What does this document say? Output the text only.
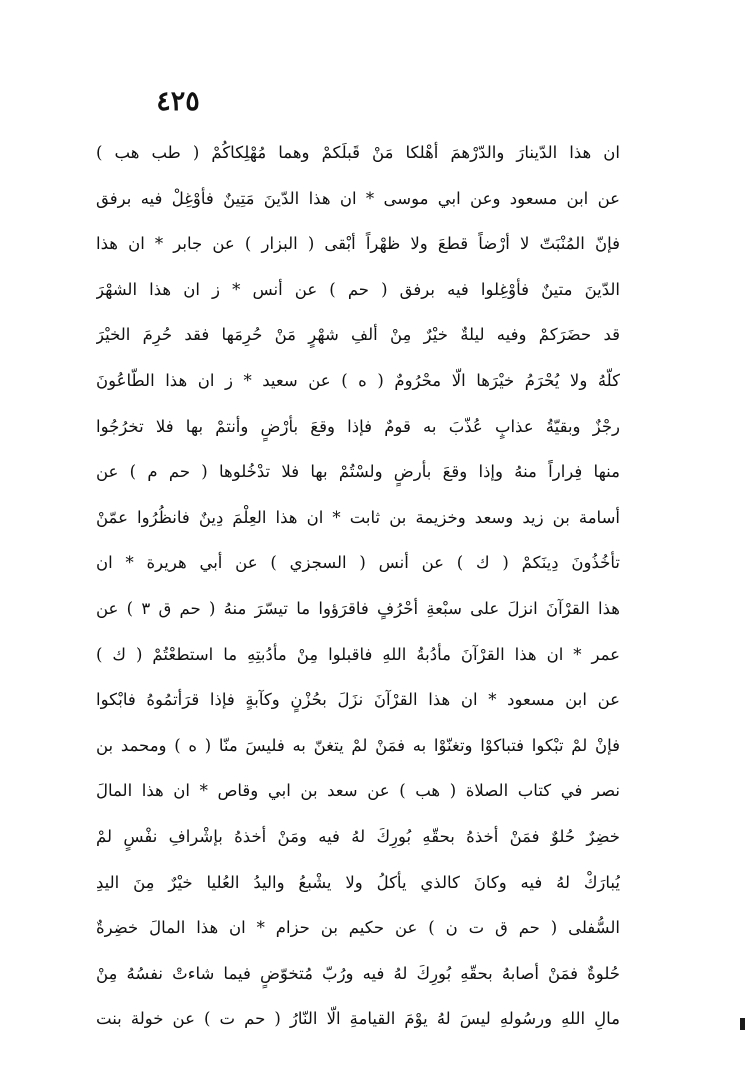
٤٢٥
ان هذا الدّينارَ والدّرْهمَ أهْلكا مَنْ قَبلَكمْ وهما مُهْلِكاكُمْ ( طب هب )
عن ابن مسعود وعن ابي موسى * ان هذا الدّينَ مَتِينٌ فأوْغِلْ فيه برفق
فإنّ المُنْبَتّ لا أرْضاً قطعَ ولا ظهْراً أبْقى ( البزار ) عن جابر * ان هذا
الدّينَ متينٌ فأوْغِلوا فيه برفق ( حم ) عن أنس * ز ان هذا الشهْرَ
قد حضَرَكمْ وفيه ليلةٌ خيْرٌ مِنْ ألفِ شهْرٍ مَنْ حُرِمَها فقد حُرِمَ الخيْرَ
كلّهُ ولا يُحْرَمُ خيْرَها الّا محْرُومٌ ( ه ) عن سعيد * ز ان هذا الطّاعُونَ
رجْزٌ وبقيّةُ عذابٍ عُذّبَ به قومٌ فإذا وقعَ بأرْضٍ وأنتمْ بها فلا تخرُجُوا
منها فِراراً منهُ وإذا وقعَ بأرضٍ ولسْتُمْ بها فلا تدْخُلوها ( حم م ) عن
أسامة بن زيد وسعد وخزيمة بن ثابت * ان هذا العِلْمَ دِينٌ فانظُرُوا عمّنْ
تأخُذُونَ دِينَكمْ ( ك ) عن أنس ( السجزي ) عن أبي هريرة * ان
هذا القرْآنَ انزلَ على سبْعةِ أحْرُفٍ فاقرَؤوا ما تيسّرَ منهُ ( حم ق ٣ ) عن
عمر * ان هذا القرْآنَ مأدُبةُ اللهِ فاقبلوا مِنْ مأدُبتِهِ ما استطعْتُمْ ( ك )
عن ابن مسعود * ان هذا القرْآنَ نزَلَ بحُزْنٍ وكآبةٍ فإذا قرَأتمُوهُ فابْكوا
فإنْ لمْ تبْكوا فتباكوْا وتغنّوْا به فمَنْ لمْ يتغنّ به فليسَ منّا ( ه ) ومحمد بن
نصر في كتاب الصلاة ( هب ) عن سعد بن ابي وقاص * ان هذا المالَ
خضِرٌ حُلوٌ فمَنْ أخذهُ بحقّهِ بُورِكَ لهُ فيه ومَنْ أخذهُ بإشْرافِ نفْسٍ لمْ
يُبارَكْ لهُ فيه وكانَ كالذي يأكلُ ولا يشْبعُ واليدُ العُليا خيْرٌ مِنَ اليدِ
السُّفلى ( حم ق ت ن ) عن حكيم بن حزام * ان هذا المالَ خضِرةٌ
حُلوةٌ فمَنْ أصابهُ بحقّهِ بُورِكَ لهُ فيه ورُبّ مُتخوّضٍ فيما شاءتْ نفسُهُ مِنْ
مالِ اللهِ ورسُولهِ ليسَ لهُ يوْمَ القيامةِ الّا النّارُ ( حم ت ) عن خولة بنت
